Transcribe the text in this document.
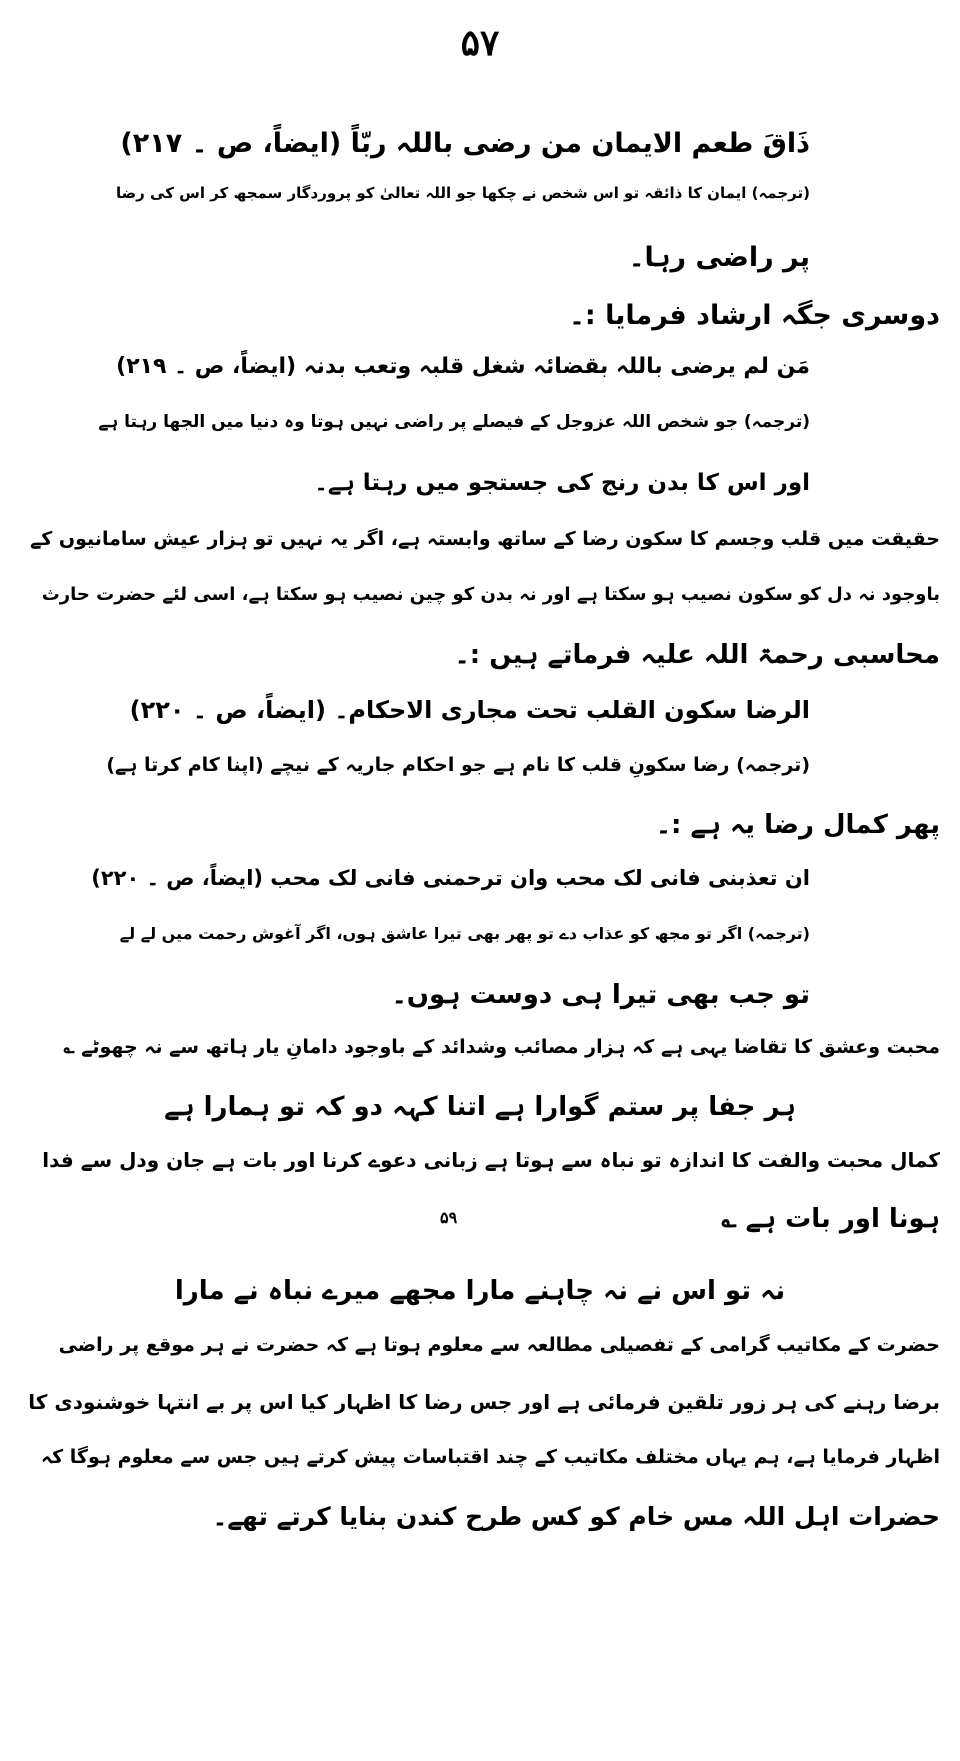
۵۷
ذَاقَ طعم الایمان من رضی باللہ ربّاً (ایضاً، ص ۔ ۲۱۷)
(ترجمہ) ایمان کا ذائقہ تو اس شخص نے چکھا جو اللہ تعالیٰ کو پروردگار سمجھ کر اس کی رضا
پر راضی رہا۔
دوسری جگہ ارشاد فرمایا :۔
مَن لم یرضی باللہ بقضائہ شغل قلبہ وتعب بدنہ (ایضاً، ص ۔ ۲۱۹)
(ترجمہ) جو شخص اللہ عزوجل کے فیصلے پر راضی نہیں ہوتا وہ دنیا میں الجھا رہتا ہے
اور اس کا بدن رنج کی جستجو میں رہتا ہے۔
حقیقت میں قلب وجسم کا سکون رضا کے ساتھ وابستہ ہے، اگر یہ نہیں تو ہزار عیش سامانیوں کے
باوجود نہ دل کو سکون نصیب ہو سکتا ہے اور نہ بدن کو چین نصیب ہو سکتا ہے، اسی لئے حضرت حارث
محاسبی رحمۃ اللہ علیہ فرماتے ہیں :۔
الرضا سکون القلب تحت مجاری الاحکام۔ (ایضاً، ص ۔ ۲۲۰)
(ترجمہ) رضا سکونِ قلب کا نام ہے جو احکام جاریہ کے نیچے (اپنا کام کرتا ہے)
پھر کمال رضا یہ ہے :۔
ان تعذبنی فانی لک محب وان ترحمنی فانی لک محب (ایضاً، ص ۔ ۲۲۰)
(ترجمہ) اگر تو مجھ کو عذاب دے تو پھر بھی تیرا عاشق ہوں، اگر آغوش رحمت میں لے لے
تو جب بھی تیرا ہی دوست ہوں۔
محبت وعشق کا تقاضا یہی ہے کہ ہزار مصائب وشدائد کے باوجود دامانِ یار ہاتھ سے نہ چھوٹے ؎
ہر جفا پر ستم گوارا ہے اتنا کہہ دو کہ تو ہمارا ہے
کمال محبت والفت کا اندازہ تو نباہ سے ہوتا ہے زبانی دعوے کرنا اور بات ہے جان ودل سے فدا
ہونا اور بات ہے ؎
۵۹
نہ تو اس نے نہ چاہنے مارا مجھے میرے نباہ نے مارا
حضرت کے مکاتیب گرامی کے تفصیلی مطالعہ سے معلوم ہوتا ہے کہ حضرت نے ہر موقع پر راضی
برضا رہنے کی ہر زور تلقین فرمائی ہے اور جس رضا کا اظہار کیا اس پر بے انتہا خوشنودی کا
اظہار فرمایا ہے، ہم یہاں مختلف مکاتیب کے چند اقتباسات پیش کرتے ہیں جس سے معلوم ہوگا کہ
حضرات اہل اللہ مس خام کو کس طرح کندن بنایا کرتے تھے۔
